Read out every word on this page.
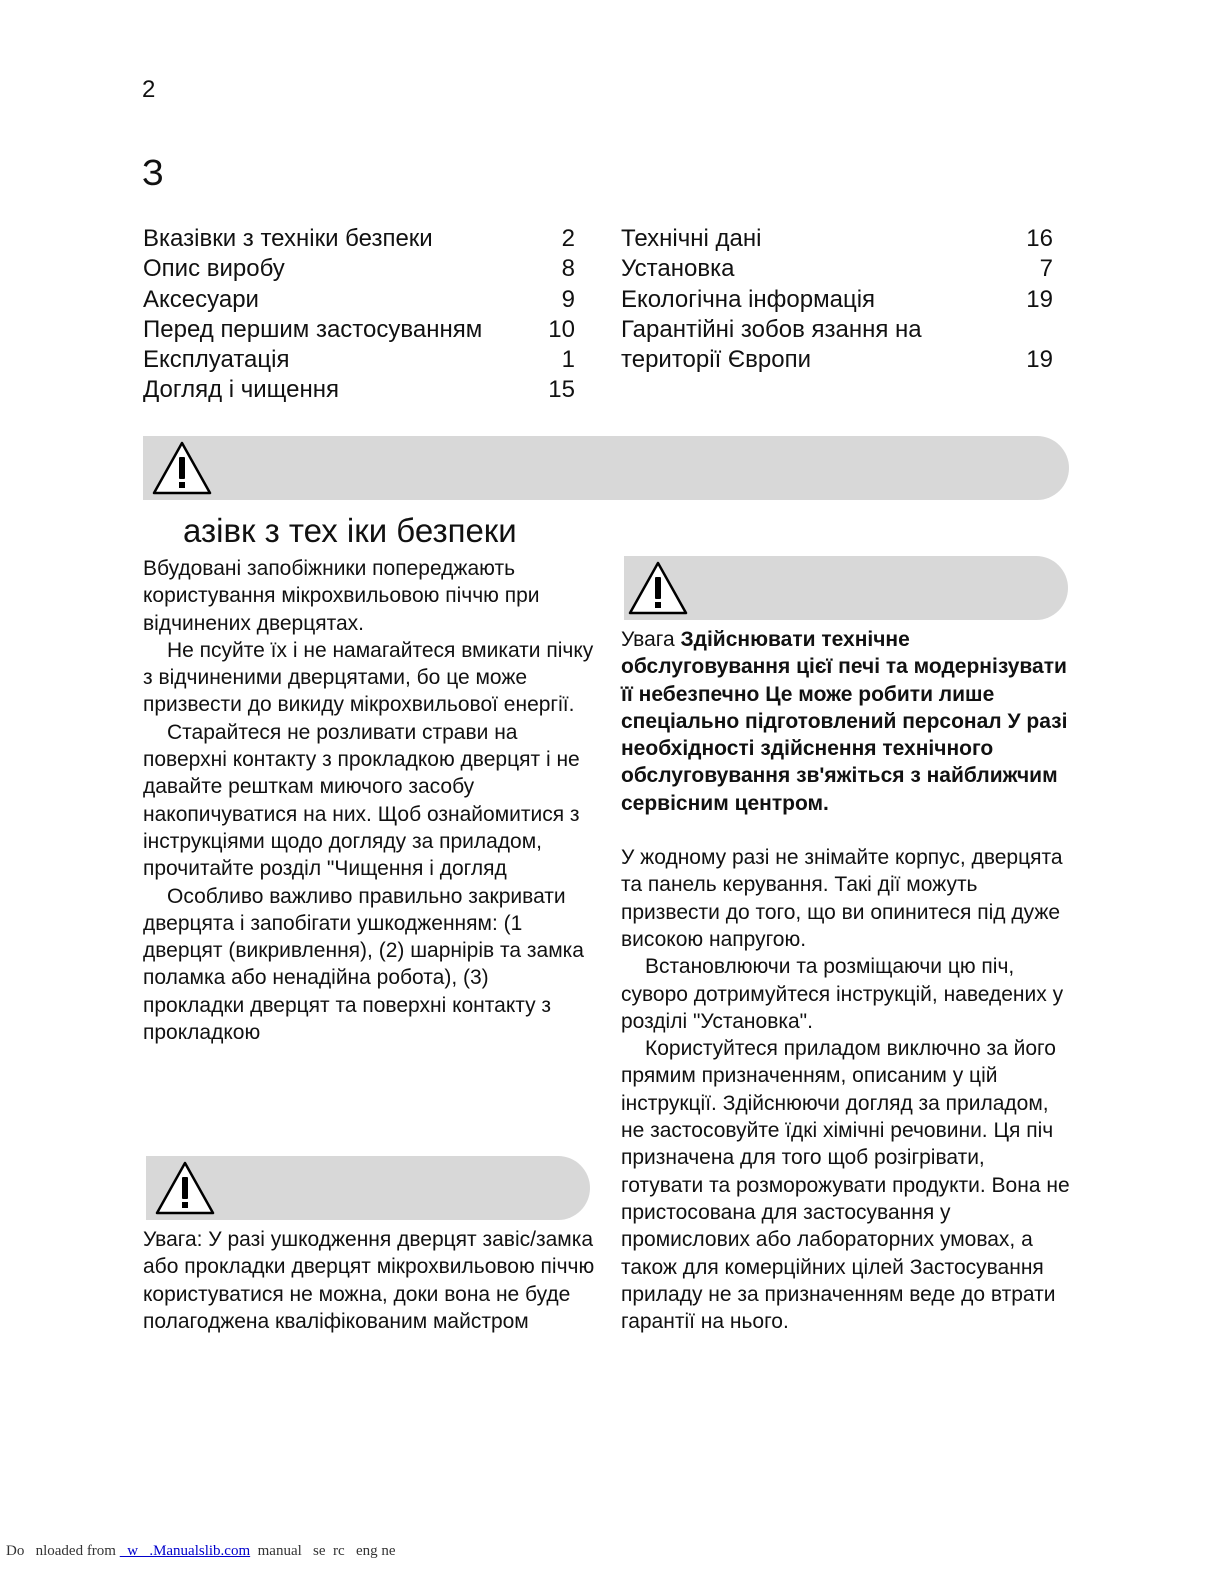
2
З
Вказівки з техніки безпеки	2
Опис виробу	8
Аксесуари	9
Перед першим застосуванням	10
Експлуатація	1
Догляд і чищення	15
Технічні дані	16
Установка	7
Екологічна інформація	19
Гарантійні зобов язання на
території Європи	19
азівк з тех іки безпеки

Вбудовані запобіжники попереджають користування мікрохвильовою піччю при відчинених дверцятах.

Не псуйте їх і не намагайтеся вмикати пічку з відчиненими дверцятами, бо це може призвести до викиду мікрохвильової енергії.

Старайтеся не розливати страви на поверхні контакту з прокладкою дверцят і не давайте решткам миючого засобу накопичуватися на них. Щоб ознайомитися з інструкціями щодо догляду за приладом, прочитайте розділ "Чищення і догляд

Особливо важливо правильно закривати дверцята і запобігати ушкодженням: (1 дверцят (викривлення), (2) шарнірів та замка поламка або ненадійна робота), (3) прокладки дверцят та поверхні контакту з прокладкою

Увага: У разі ушкодження дверцят завіс/замка або прокладки дверцят мікрохвильовою піччю користуватися не можна, доки вона не буде полагоджена кваліфікованим майстром

Увага Здійснювати технічне обслуговування цієї печі та модернізувати її небезпечно Це може робити лише спеціально підготовлений персонал У разі необхідності здійснення технічного обслуговування зв'яжіться з найближчим сервісним центром.

У жодному разі не знімайте корпус, дверцята та панель керування. Такі дії можуть призвести до того, що ви опинитеся під дуже високою напругою.

Встановлюючи та розміщаючи цю піч, суворо дотримуйтеся інструкцій, наведених у розділі "Установка".

Користуйтеся приладом виключно за його прямим призначенням, описаним у цій інструкції. Здійснюючи догляд за приладом, не застосовуйте їдкі хімічні речовини. Ця піч призначена для того щоб розігрівати, готувати та розморожувати продукти. Вона не пристосована для застосування у промислових або лабораторних умовах, а також для комерційних цілей Застосування приладу не за призначенням веде до втрати гарантії на нього.

Do   nloaded from   w   .Manualslib.com  manual   se  rc   eng ne
